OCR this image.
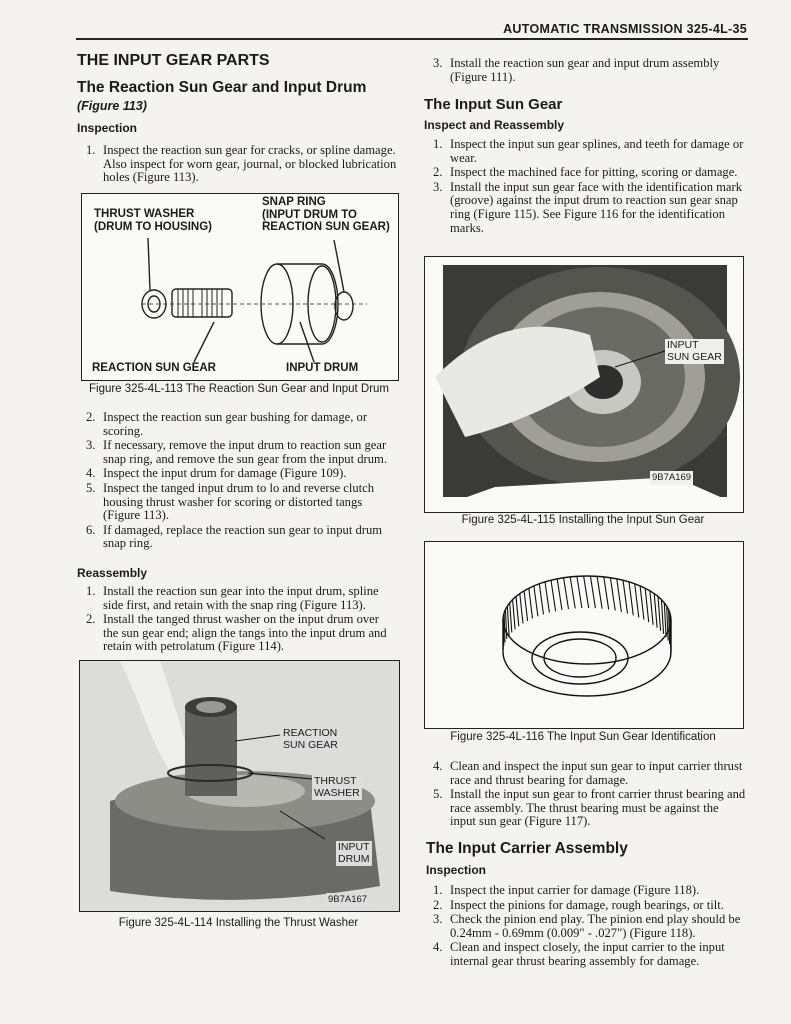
AUTOMATIC TRANSMISSION 325-4L-35
THE INPUT GEAR PARTS
The Reaction Sun Gear and Input Drum
(Figure 113)
Inspection
1. Inspect the reaction sun gear for cracks, or spline damage. Also inspect for worn gear, journal, or blocked lubrication holes (Figure 113).
THRUST WASHER
(DRUM TO HOUSING)
SNAP RING
(INPUT DRUM TO
REACTION SUN GEAR)
REACTION SUN GEAR	INPUT DRUM
Figure 325-4L-113 The Reaction Sun Gear and Input Drum
2. Inspect the reaction sun gear bushing for damage, or scoring.
3. If necessary, remove the input drum to reaction sun gear snap ring, and remove the sun gear from the input drum.
4. Inspect the input drum for damage (Figure 109).
5. Inspect the tanged input drum to lo and reverse clutch housing thrust washer for scoring or distorted tangs (Figure 113).
6. If damaged, replace the reaction sun gear to input drum snap ring.
Reassembly
1. Install the reaction sun gear into the input drum, spline side first, and retain with the snap ring (Figure 113).
2. Install the tanged thrust washer on the input drum over the sun gear end; align the tangs into the input drum and retain with petrolatum (Figure 114).
REACTION
SUN GEAR
THRUST
WASHER
INPUT
DRUM
9B7A167
Figure 325-4L-114 Installing the Thrust Washer
3. Install the reaction sun gear and input drum assembly (Figure 111).
The Input Sun Gear
Inspect and Reassembly
1. Inspect the input sun gear splines, and teeth for damage or wear.
2. Inspect the machined face for pitting, scoring or damage.
3. Install the input sun gear face with the identification mark (groove) against the input drum to reaction sun gear snap ring (Figure 115). See Figure 116 for the identification marks.
INPUT
SUN GEAR
9B7A169
Figure 325-4L-115 Installing the Input Sun Gear
Figure 325-4L-116 The Input Sun Gear Identification
4. Clean and inspect the input sun gear to input carrier thrust race and thrust bearing for damage.
5. Install the input sun gear to front carrier thrust bearing and race assembly. The thrust bearing must be against the input sun gear (Figure 117).
The Input Carrier Assembly
Inspection
1. Inspect the input carrier for damage (Figure 118).
2. Inspect the pinions for damage, rough bearings, or tilt.
3. Check the pinion end play. The pinion end play should be 0.24mm - 0.69mm (0.009" - .027") (Figure 118).
4. Clean and inspect closely, the input carrier to the input internal gear thrust bearing assembly for damage.
